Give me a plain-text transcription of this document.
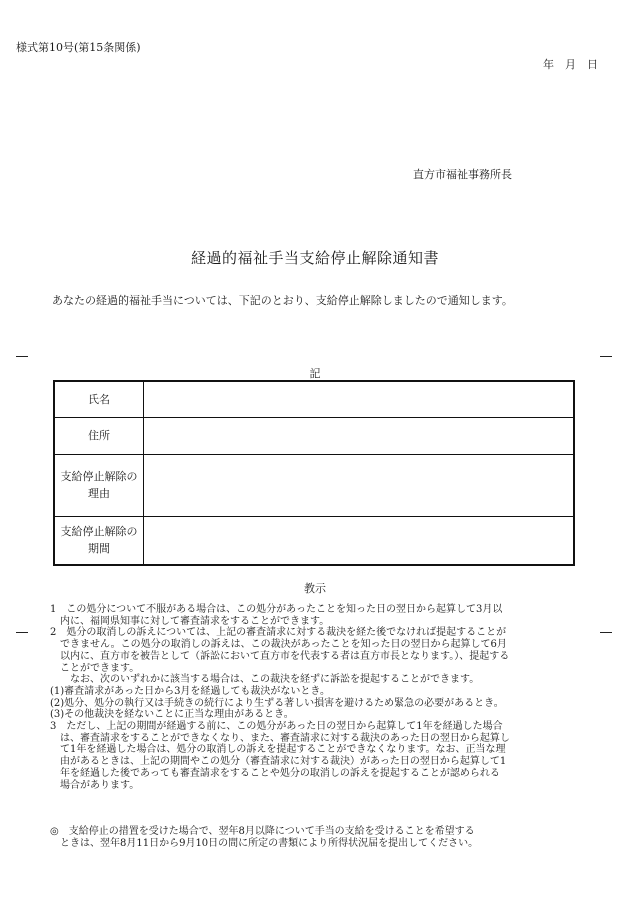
様式第10号(第15条関係)
年　月　日
直方市福祉事務所長
経過的福祉手当支給停止解除通知書
あなたの経過的福祉手当については、下記のとおり、支給停止解除しましたので通知します。
記
氏名	

住所	

支給停止解除の
理由	

支給停止解除の
期間	

教示
1　この処分について不服がある場合は、この処分があったことを知った日の翌日から起算して3月以
　内に、福岡県知事に対して審査請求をすることができます。
2　処分の取消しの訴えについては、上記の審査請求に対する裁決を経た後でなければ提起することが
　できません。この処分の取消しの訴えは、この裁決があったことを知った日の翌日から起算して6月
　以内に、直方市を被告として（訴訟において直方市を代表する者は直方市長となります。）、提起する
　ことができます。
　　なお、次のいずれかに該当する場合は、この裁決を経ずに訴訟を提起することができます。
(1)審査請求があった日から3月を経過しても裁決がないとき。
(2)処分、処分の執行又は手続きの続行により生ずる著しい損害を避けるため緊急の必要があるとき。
(3)その他裁決を経ないことに正当な理由があるとき。
3　ただし、上記の期間が経過する前に、この処分があった日の翌日から起算して1年を経過した場合
　は、審査請求をすることができなくなり、また、審査請求に対する裁決のあった日の翌日から起算し
　て1年を経過した場合は、処分の取消しの訴えを提起することができなくなります。なお、正当な理
　由があるときは、上記の期間やこの処分（審査請求に対する裁決）があった日の翌日から起算して1
　年を経過した後であっても審査請求をすることや処分の取消しの訴えを提起することが認められる
　場合があります。
◎　支給停止の措置を受けた場合で、翌年8月以降について手当の支給を受けることを希望する
　ときは、翌年8月11日から9月10日の間に所定の書類により所得状況届を提出してください。
